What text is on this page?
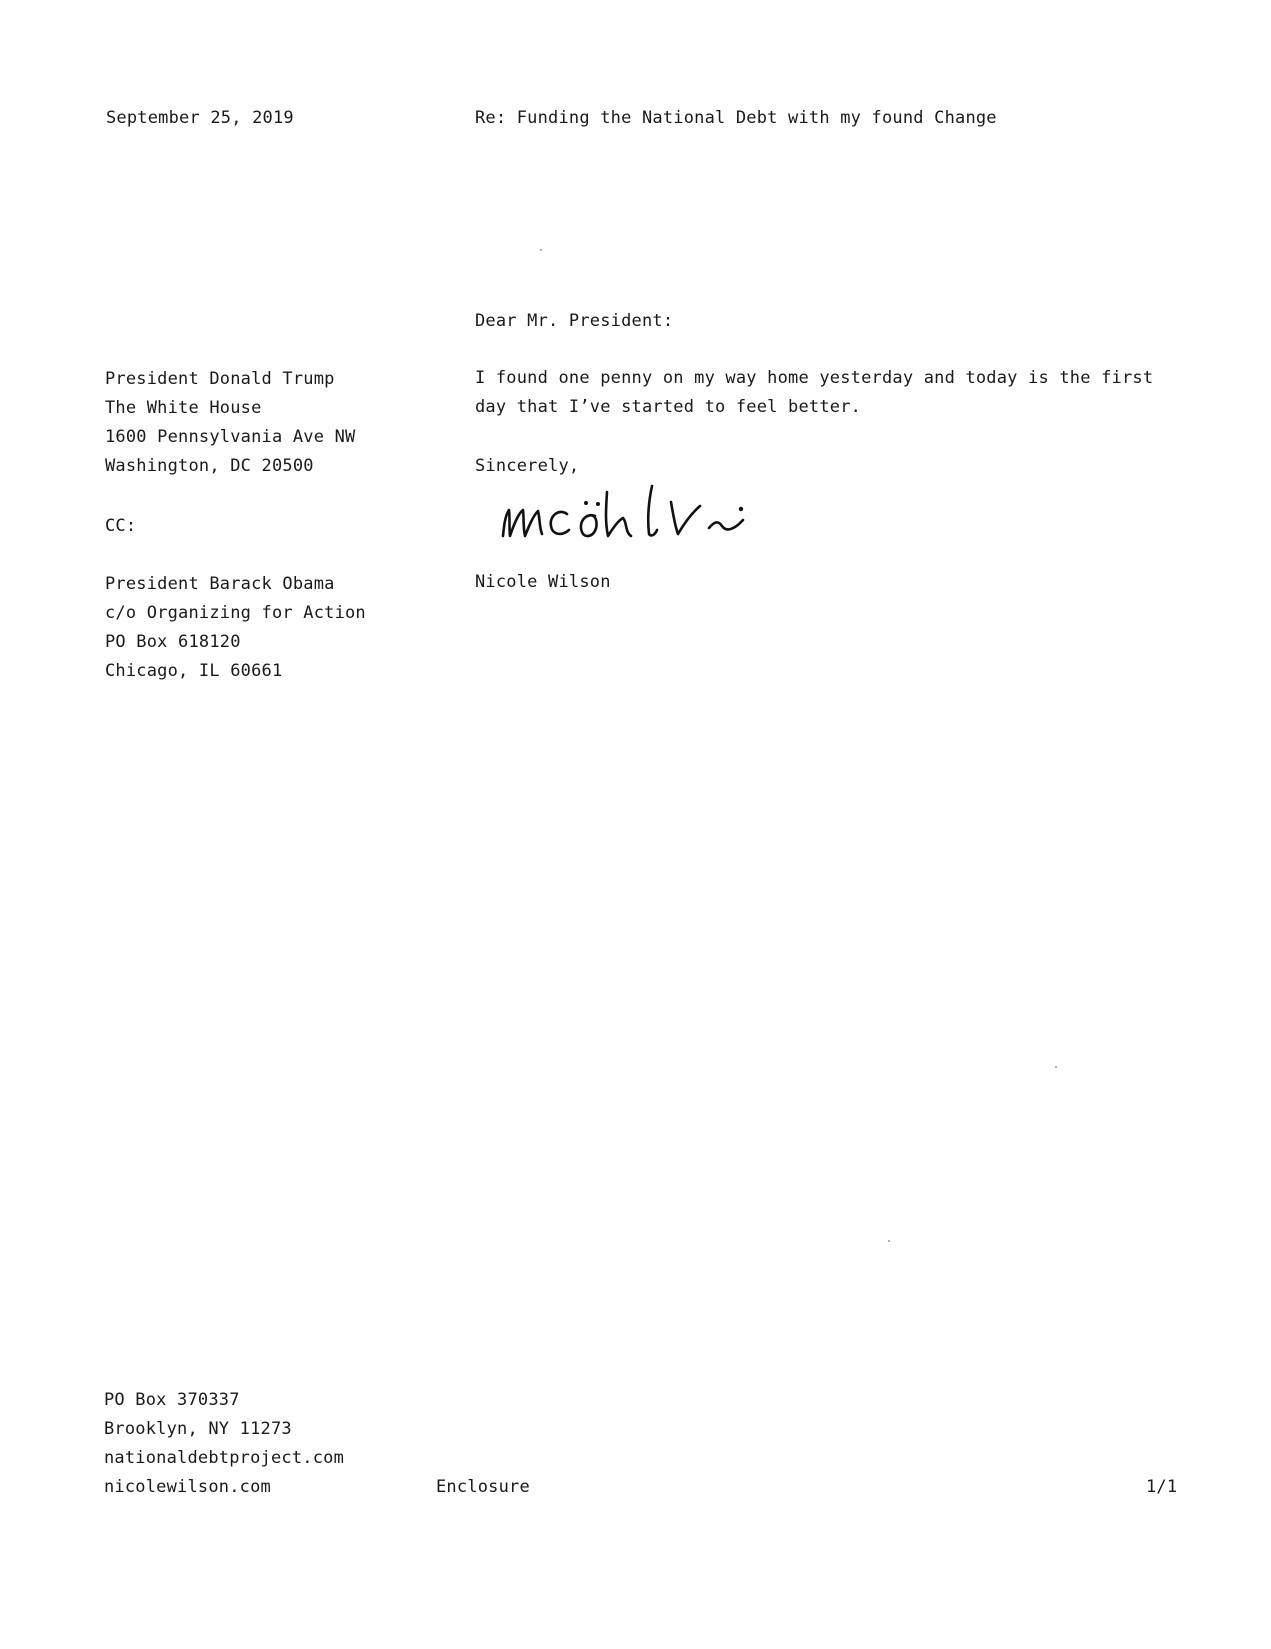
September 25, 2019	Re: Funding the National Debt with my found Change
Dear Mr. President:
I found one penny on my way home yesterday and today is the first
day that I’ve started to feel better.
Sincerely,
Nicole Wilson
President Donald Trump
The White House
1600 Pennsylvania Ave NW
Washington, DC 20500
CC:
President Barack Obama
c/o Organizing for Action
PO Box 618120
Chicago, IL 60661
PO Box 370337
Brooklyn, NY 11273
nationaldebtproject.com
nicolewilson.com	Enclosure	1/1
